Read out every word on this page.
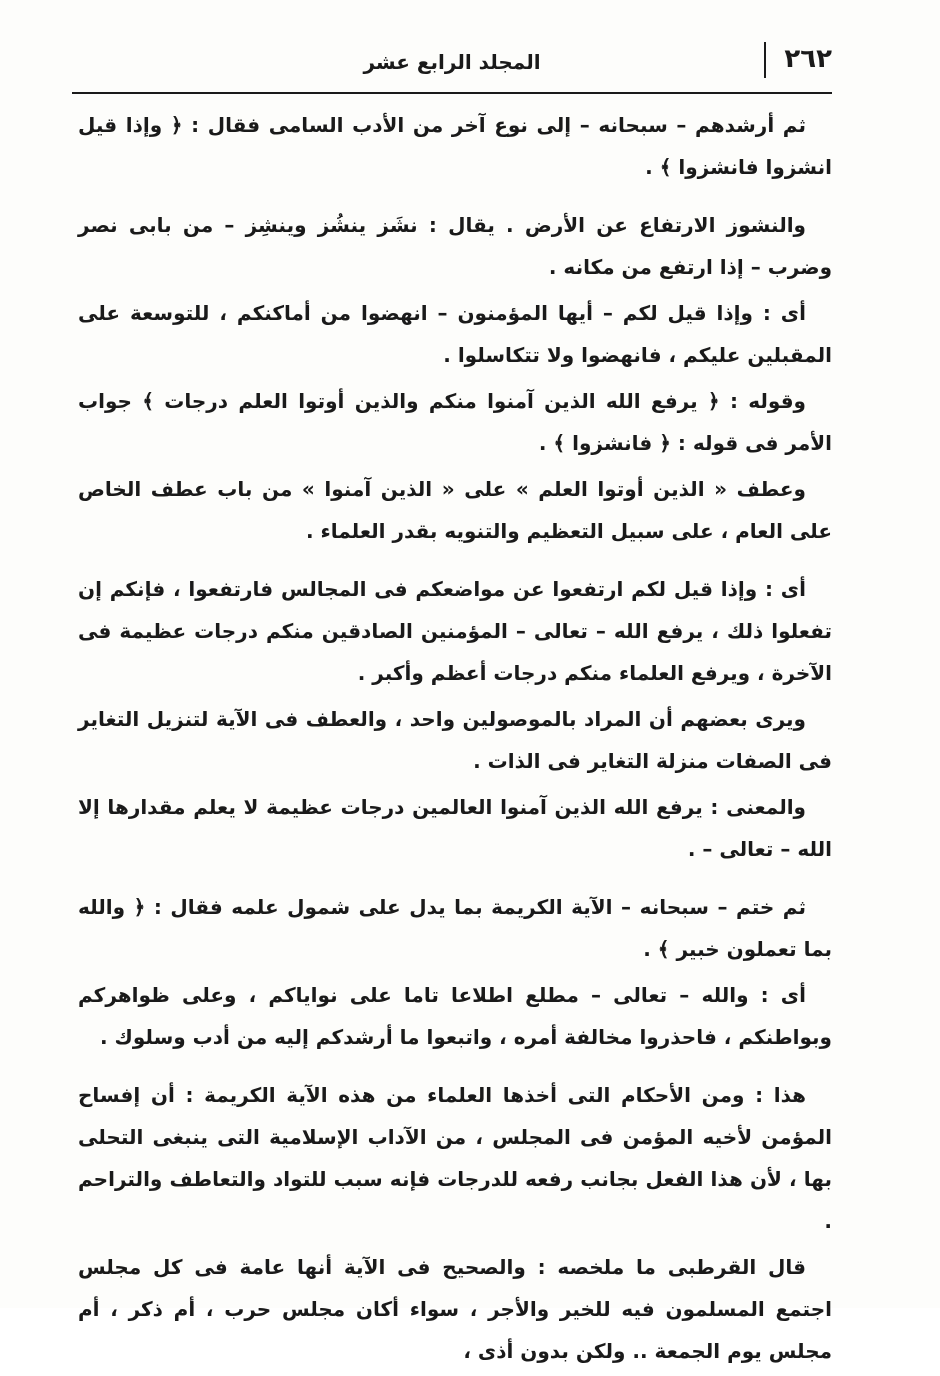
٢٦٢
المجلد الرابع عشر

ثم أرشدهم – سبحانه – إلى نوع آخر من الأدب السامى فقال : ﴿ وإذا قيل انشزوا فانشزوا ﴾ .

والنشوز الارتفاع عن الأرض . يقال : نشَز ينشُز وينشِز – من بابى نصر وضرب – إذا ارتفع من مكانه .

أى : وإذا قيل لكم – أيها المؤمنون – انهضوا من أماكنكم ، للتوسعة على المقبلين عليكم ، فانهضوا ولا تتكاسلوا .

وقوله : ﴿ يرفع الله الذين آمنوا منكم والذين أوتوا العلم درجات ﴾ جواب الأمر فى قوله : ﴿ فانشزوا ﴾ .

وعطف « الذين أوتوا العلم » على « الذين آمنوا » من باب عطف الخاص على العام ، على سبيل التعظيم والتنويه بقدر العلماء .

أى : وإذا قيل لكم ارتفعوا عن مواضعكم فى المجالس فارتفعوا ، فإنكم إن تفعلوا ذلك ، يرفع الله – تعالى – المؤمنين الصادقين منكم درجات عظيمة فى الآخرة ، ويرفع العلماء منكم درجات أعظم وأكبر .

ويرى بعضهم أن المراد بالموصولين واحد ، والعطف فى الآية لتنزيل التغاير فى الصفات منزلة التغاير فى الذات .

والمعنى : يرفع الله الذين آمنوا العالمين درجات عظيمة لا يعلم مقدارها إلا الله – تعالى – .

ثم ختم – سبحانه – الآية الكريمة بما يدل على شمول علمه فقال : ﴿ والله بما تعملون خبير ﴾ .

أى : والله – تعالى – مطلع اطلاعا تاما على نواياكم ، وعلى ظواهركم وبواطنكم ، فاحذروا مخالفة أمره ، واتبعوا ما أرشدكم إليه من أدب وسلوك .

هذا : ومن الأحكام التى أخذها العلماء من هذه الآية الكريمة : أن إفساح المؤمن لأخيه المؤمن فى المجلس ، من الآداب الإسلامية التى ينبغى التحلى بها ، لأن هذا الفعل بجانب رفعه للدرجات فإنه سبب للتواد والتعاطف والتراحم .

قال القرطبى ما ملخصه : والصحيح فى الآية أنها عامة فى كل مجلس اجتمع المسلمون فيه للخير والأجر ، سواء أكان مجلس حرب ، أم ذكر ، أم مجلس يوم الجمعة .. ولكن بدون أذى ،
